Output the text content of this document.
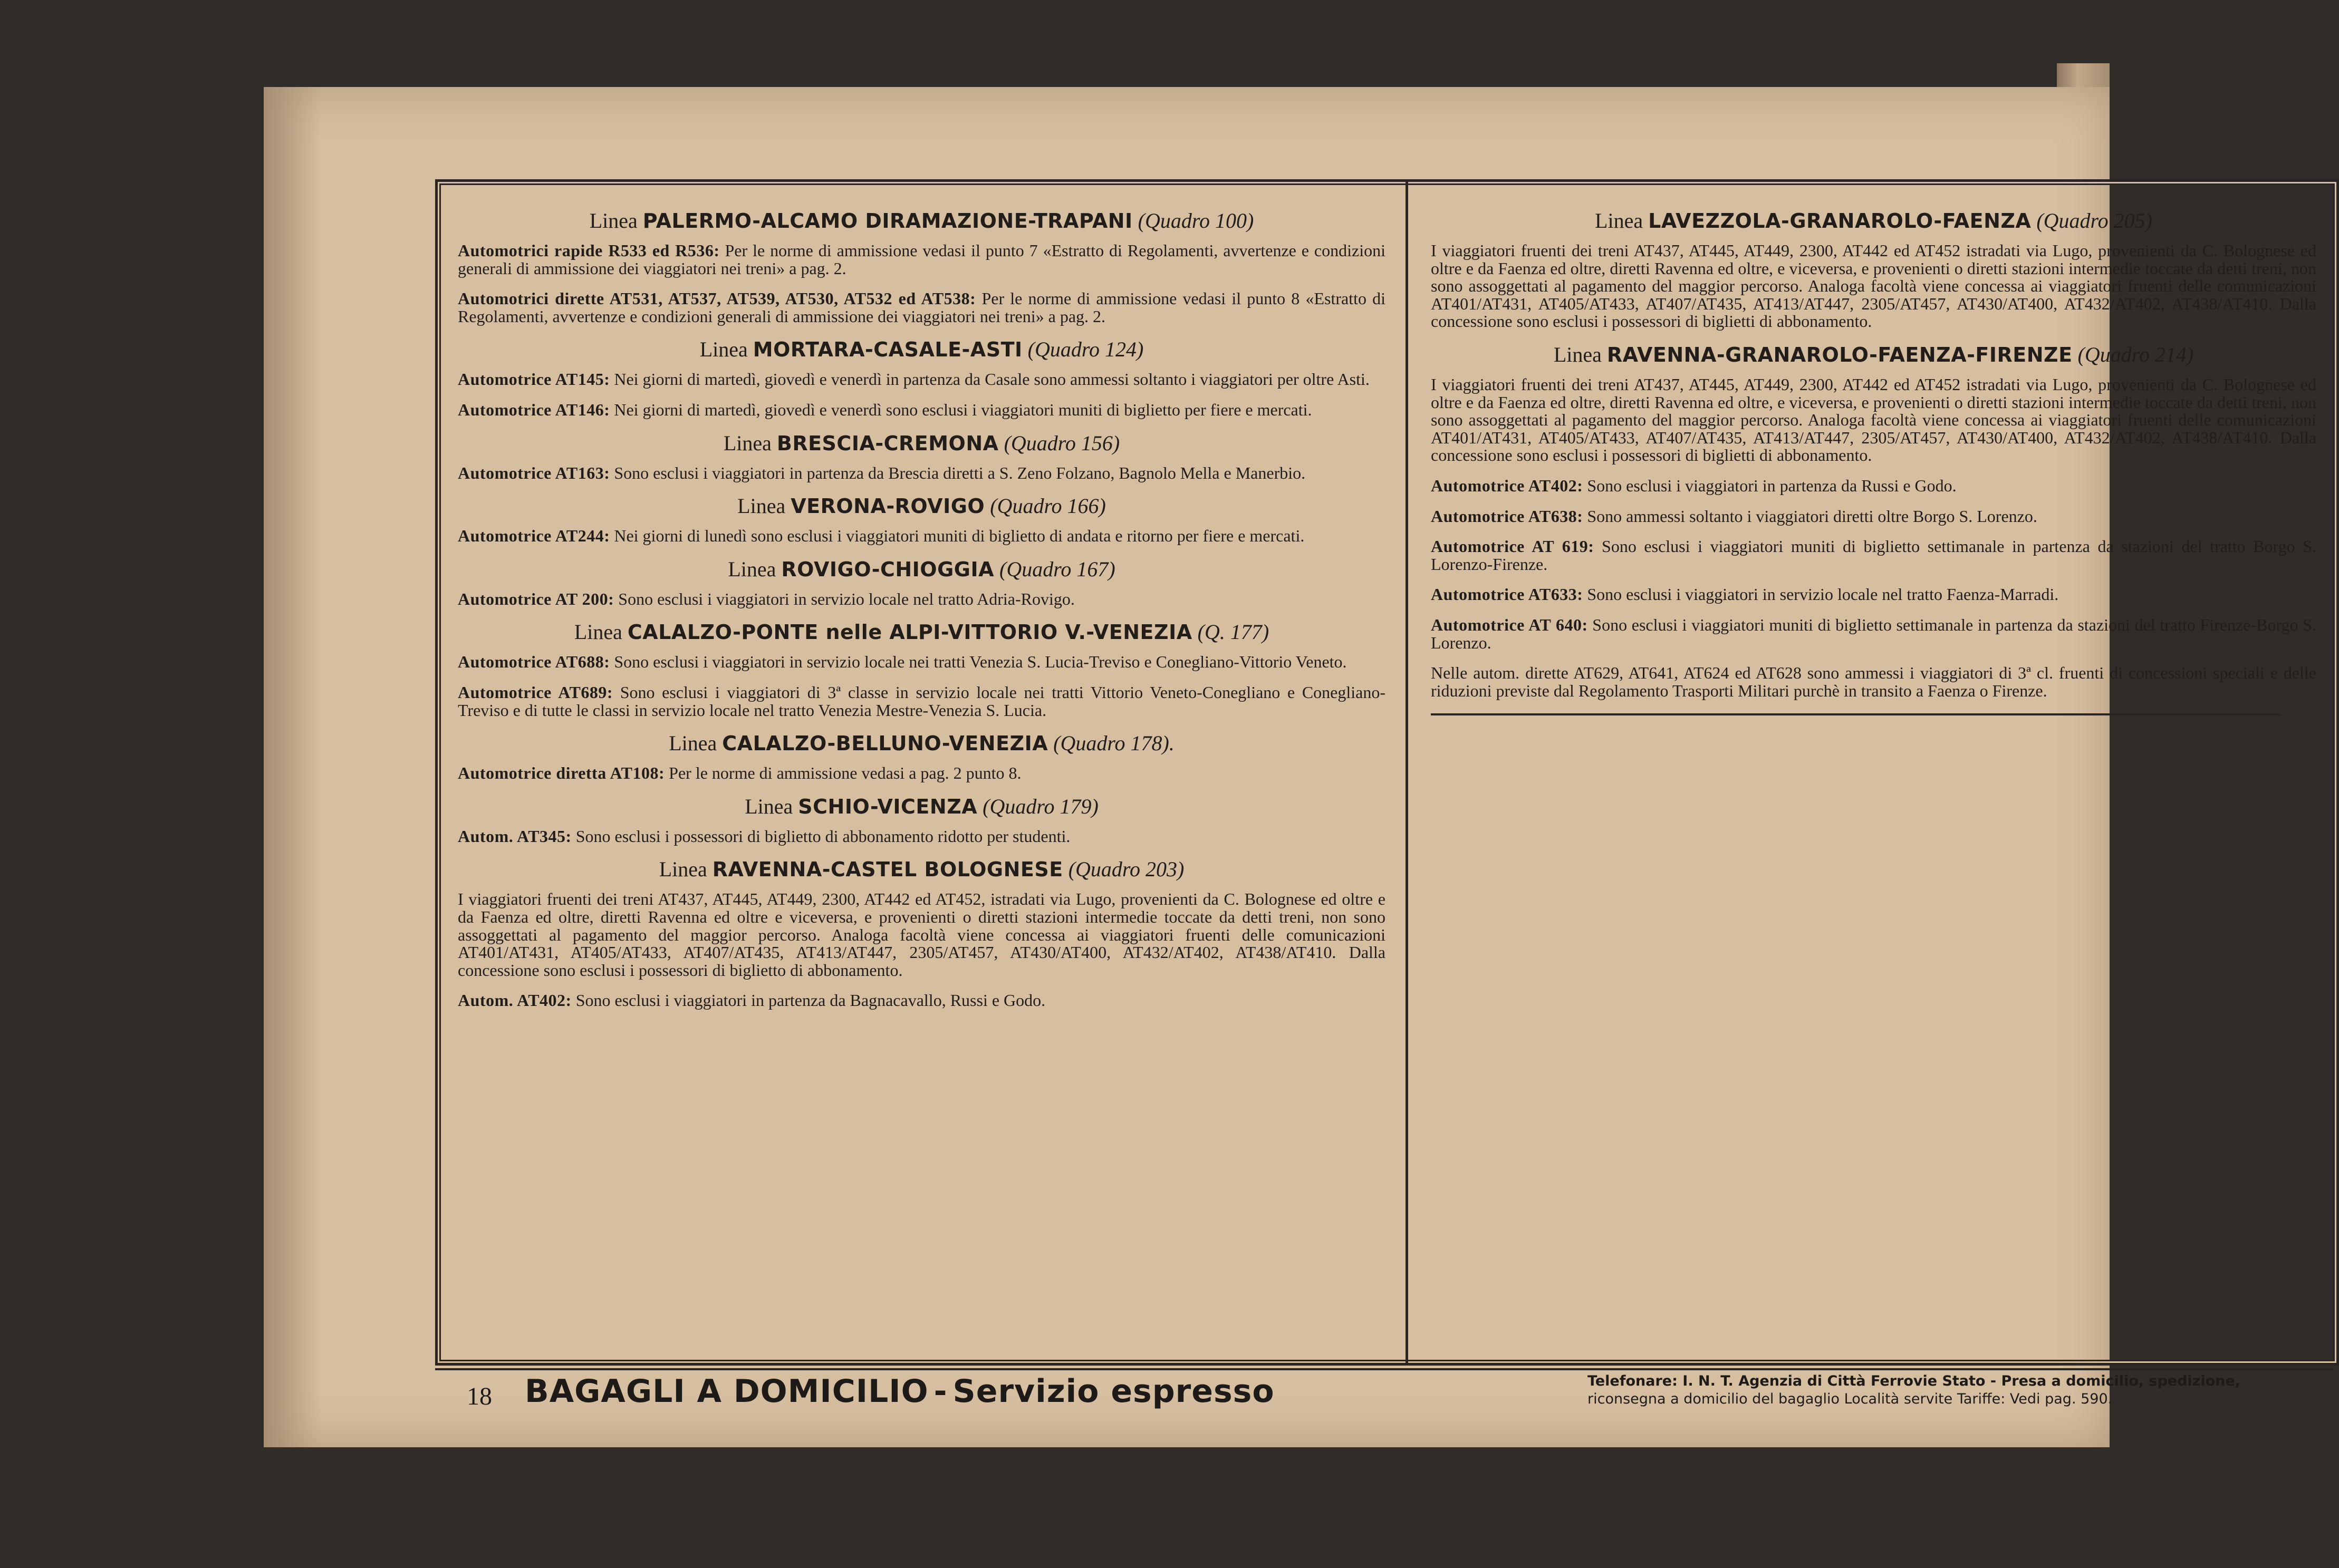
Linea PALERMO-ALCAMO DIRAMAZIONE-TRAPANI (Quadro 100)

Automotrici rapide R533 ed R536: Per le norme di ammissione vedasi il punto 7 «Estratto di Regolamenti, avvertenze e condizioni generali di ammissione dei viaggiatori nei treni» a pag. 2.

Automotrici dirette AT531, AT537, AT539, AT530, AT532 ed AT538: Per le norme di ammissione vedasi il punto 8 «Estratto di Regolamenti, avvertenze e condizioni generali di ammissione dei viaggiatori nei treni» a pag. 2.

Linea MORTARA-CASALE-ASTI (Quadro 124)

Automotrice AT145: Nei giorni di martedì, giovedì e venerdì in partenza da Casale sono ammessi soltanto i viaggiatori per oltre Asti.

Automotrice AT146: Nei giorni di martedì, giovedì e venerdì sono esclusi i viaggiatori muniti di biglietto per fiere e mercati.

Linea BRESCIA-CREMONA (Quadro 156)

Automotrice AT163: Sono esclusi i viaggiatori in partenza da Brescia diretti a S. Zeno Folzano, Bagnolo Mella e Manerbio.

Linea VERONA-ROVIGO (Quadro 166)

Automotrice AT244: Nei giorni di lunedì sono esclusi i viaggiatori muniti di biglietto di andata e ritorno per fiere e mercati.

Linea ROVIGO-CHIOGGIA (Quadro 167)

Automotrice AT 200: Sono esclusi i viaggiatori in servizio locale nel tratto Adria-Rovigo.

Linea CALALZO-PONTE nelle ALPI-VITTORIO V.-VENEZIA (Q. 177)

Automotrice AT688: Sono esclusi i viaggiatori in servizio locale nei tratti Venezia S. Lucia-Treviso e Conegliano-Vittorio Veneto.

Automotrice AT689: Sono esclusi i viaggiatori di 3ª classe in servizio locale nei tratti Vittorio Veneto-Conegliano e Conegliano-Treviso e di tutte le classi in servizio locale nel tratto Venezia Mestre-Venezia S. Lucia.

Linea CALALZO-BELLUNO-VENEZIA (Quadro 178).

Automotrice diretta AT108: Per le norme di ammissione vedasi a pag. 2 punto 8.

Linea SCHIO-VICENZA (Quadro 179)

Autom. AT345: Sono esclusi i possessori di biglietto di abbonamento ridotto per studenti.

Linea RAVENNA-CASTEL BOLOGNESE (Quadro 203)

I viaggiatori fruenti dei treni AT437, AT445, AT449, 2300, AT442 ed AT452, istradati via Lugo, provenienti da C. Bolognese ed oltre e da Faenza ed oltre, diretti Ravenna ed oltre e viceversa, e provenienti o diretti stazioni intermedie toccate da detti treni, non sono assoggettati al pagamento del maggior percorso. Analoga facoltà viene concessa ai viaggiatori fruenti delle comunicazioni AT401/AT431, AT405/AT433, AT407/AT435, AT413/AT447, 2305/AT457, AT430/AT400, AT432/AT402, AT438/AT410. Dalla concessione sono esclusi i possessori di biglietto di abbonamento.

Autom. AT402: Sono esclusi i viaggiatori in partenza da Bagnacavallo, Russi e Godo.

Linea LAVEZZOLA-GRANAROLO-FAENZA (Quadro 205)

I viaggiatori fruenti dei treni AT437, AT445, AT449, 2300, AT442 ed AT452 istradati via Lugo, provenienti da C. Bolognese ed oltre e da Faenza ed oltre, diretti Ravenna ed oltre, e viceversa, e provenienti o diretti stazioni intermedie toccate da detti treni, non sono assoggettati al pagamento del maggior percorso. Analoga facoltà viene concessa ai viaggiatori fruenti delle comunicazioni AT401/AT431, AT405/AT433, AT407/AT435, AT413/AT447, 2305/AT457, AT430/AT400, AT432/AT402, AT438/AT410. Dalla concessione sono esclusi i possessori di biglietti di abbonamento.

Linea RAVENNA-GRANAROLO-FAENZA-FIRENZE (Quadro 214)

I viaggiatori fruenti dei treni AT437, AT445, AT449, 2300, AT442 ed AT452 istradati via Lugo, provenienti da C. Bolognese ed oltre e da Faenza ed oltre, diretti Ravenna ed oltre, e viceversa, e provenienti o diretti stazioni intermedie toccate da detti treni, non sono assoggettati al pagamento del maggior percorso. Analoga facoltà viene concessa ai viaggiatori fruenti delle comunicazioni AT401/AT431, AT405/AT433, AT407/AT435, AT413/AT447, 2305/AT457, AT430/AT400, AT432/AT402, AT438/AT410. Dalla concessione sono esclusi i possessori di biglietti di abbonamento.

Automotrice AT402: Sono esclusi i viaggiatori in partenza da Russi e Godo.

Automotrice AT638: Sono ammessi soltanto i viaggiatori diretti oltre Borgo S. Lorenzo.

Automotrice AT 619: Sono esclusi i viaggiatori muniti di biglietto settimanale in partenza da stazioni del tratto Borgo S. Lorenzo-Firenze.

Automotrice AT633: Sono esclusi i viaggiatori in servizio locale nel tratto Faenza-Marradi.

Automotrice AT 640: Sono esclusi i viaggiatori muniti di biglietto settimanale in partenza da stazioni del tratto Firenze-Borgo S. Lorenzo.

Nelle autom. dirette AT629, AT641, AT624 ed AT628 sono ammessi i viaggiatori di 3ª cl. fruenti di concessioni speciali e delle riduzioni previste dal Regolamento Trasporti Militari purchè in transito a Faenza o Firenze.

18 BAGAGLI A DOMICILIO - Servizio espresso	Telefonare: I. N. T. Agenzia di Città Ferrovie Stato - Presa a domicilio, spedizione,
riconsegna a domicilio del bagaglio Località servite Tariffe: Vedi pag. 590.
